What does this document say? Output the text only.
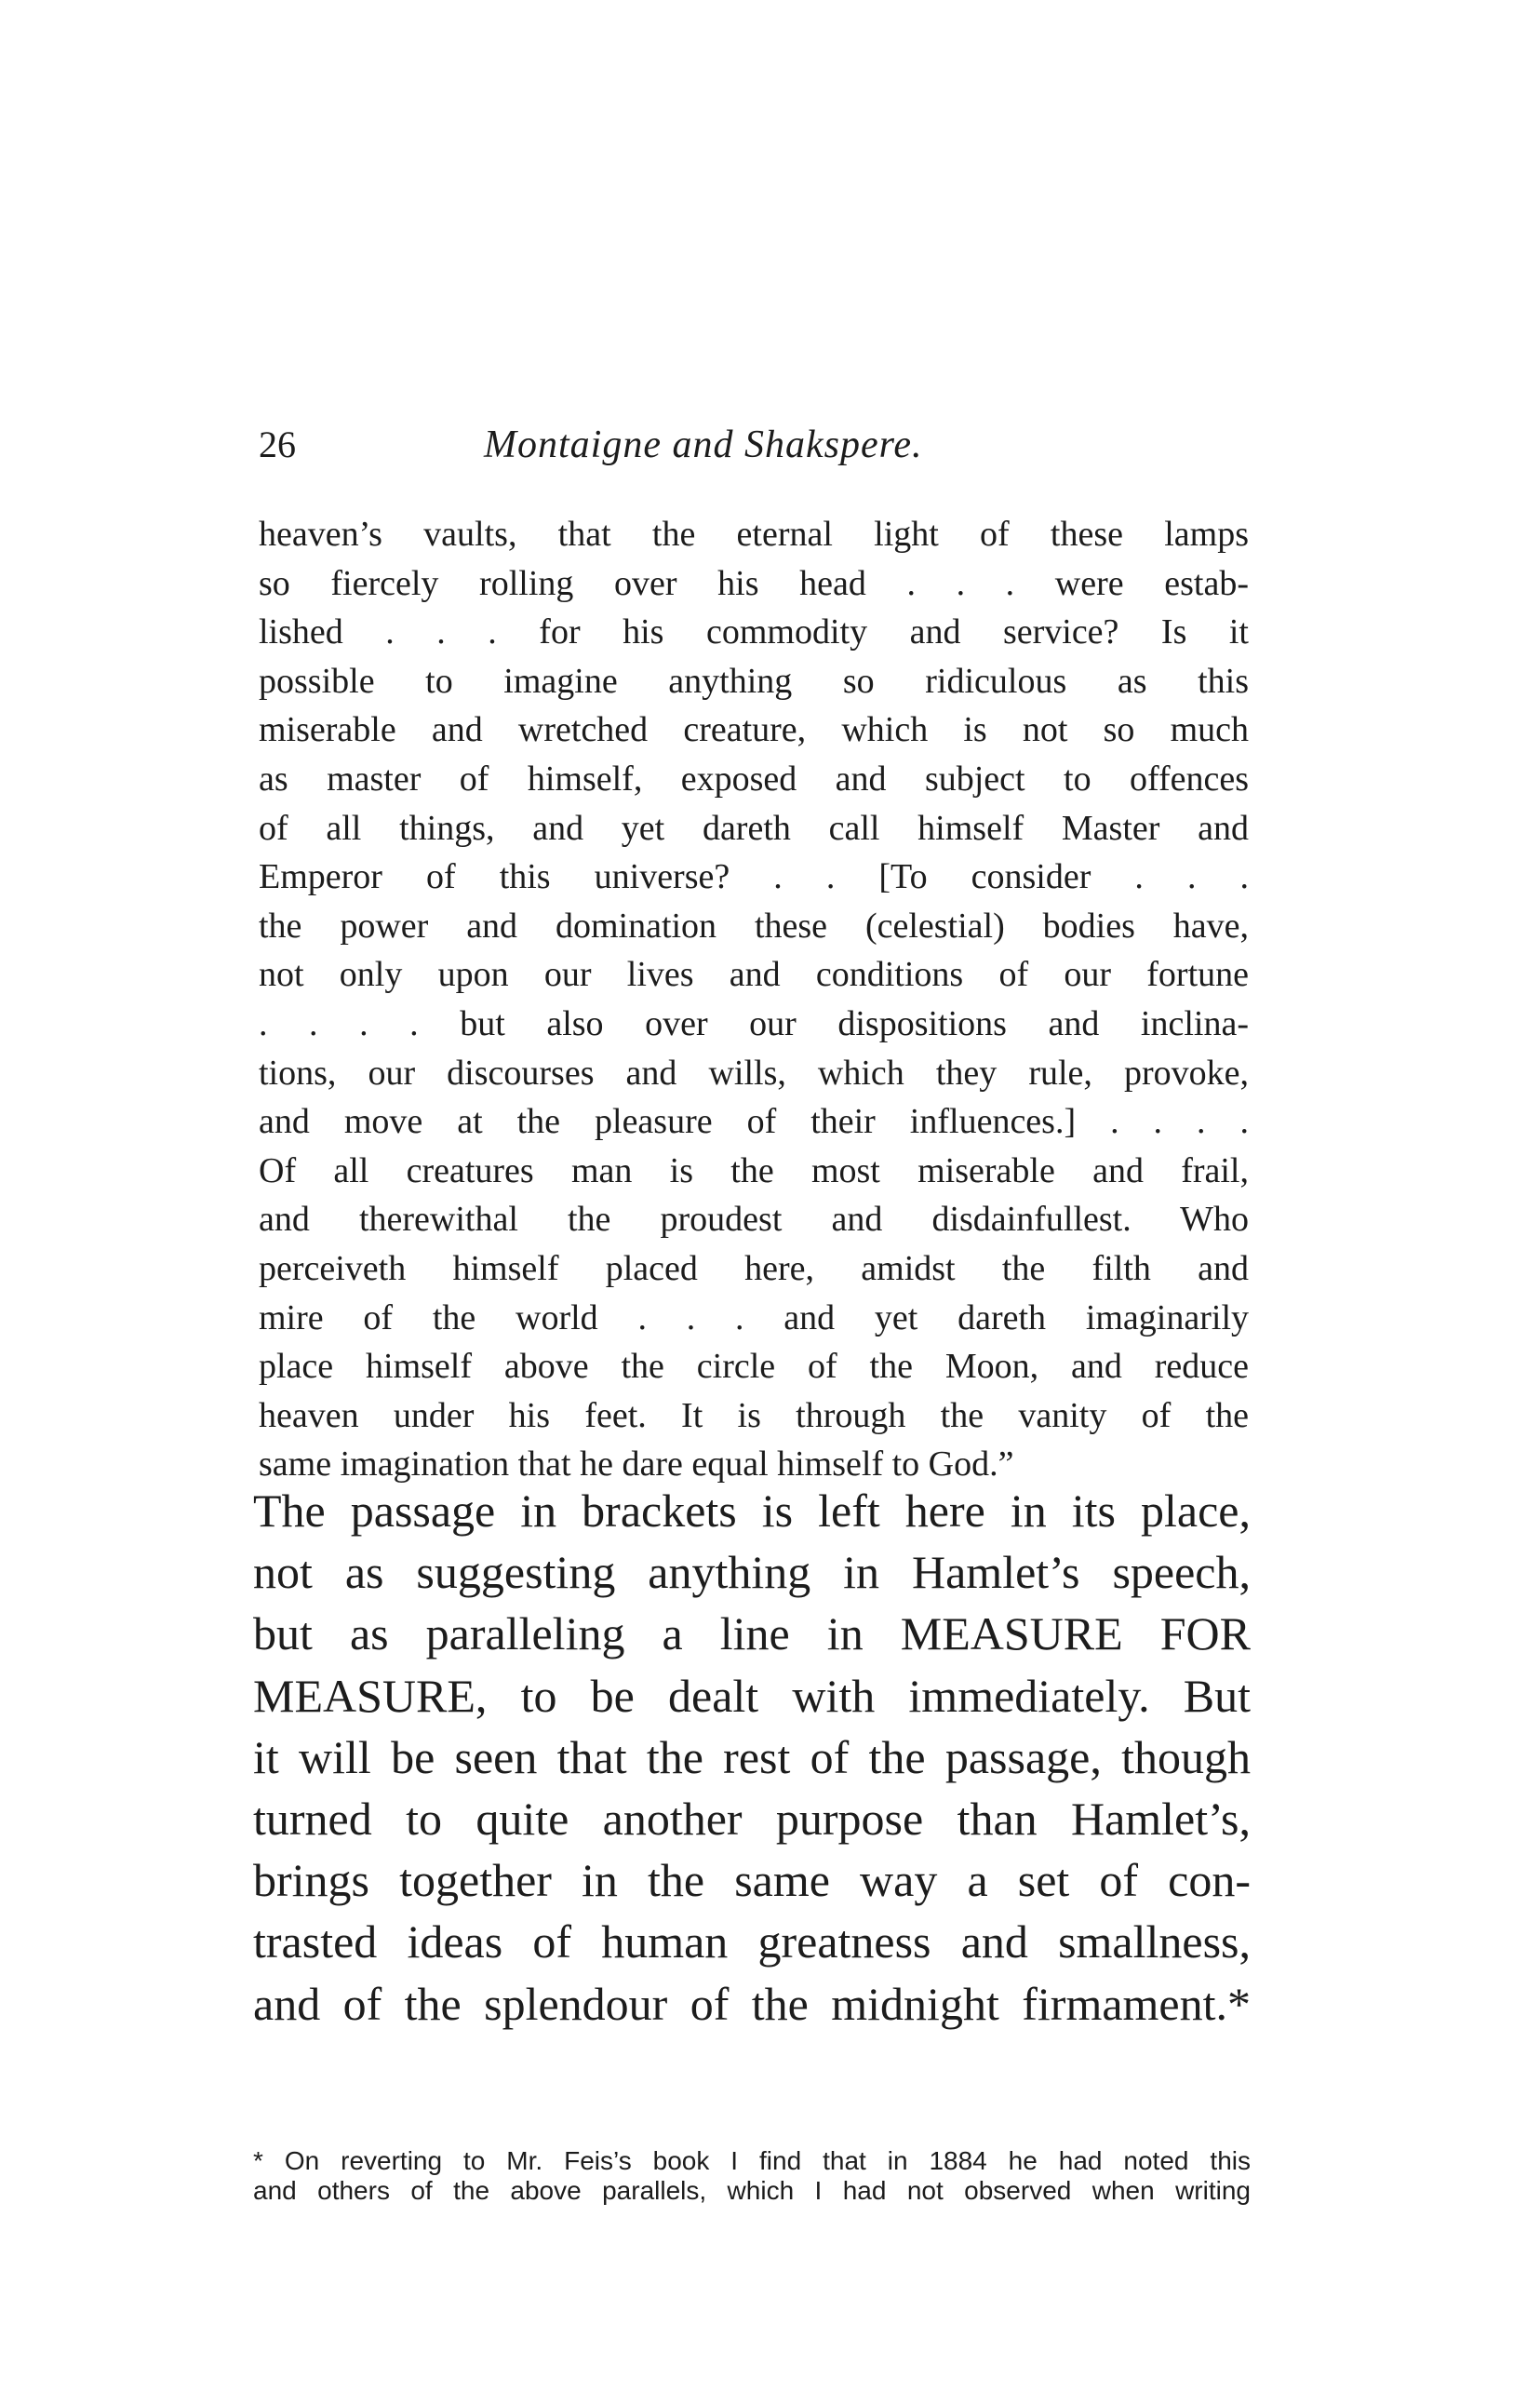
26	Montaigne and Shakspere.
heaven’s vaults, that the eternal light of these lamps
so fiercely rolling over his head . . . were estab-
lished . . . for his commodity and service? Is it
possible to imagine anything so ridiculous as this
miserable and wretched creature, which is not so much
as master of himself, exposed and subject to offences
of all things, and yet dareth call himself Master and
Emperor of this universe? . . [To consider . . .
the power and domination these (celestial) bodies have,
not only upon our lives and conditions of our fortune
. . . . but also over our dispositions and inclina-
tions, our discourses and wills, which they rule, provoke,
and move at the pleasure of their influences.] . . . .
Of all creatures man is the most miserable and frail,
and therewithal the proudest and disdainfullest. Who
perceiveth himself placed here, amidst the filth and
mire of the world . . . and yet dareth imaginarily
place himself above the circle of the Moon, and reduce
heaven under his feet. It is through the vanity of the
same imagination that he dare equal himself to God.”
The passage in brackets is left here in its place,
not as suggesting anything in Hamlet’s speech,
but as paralleling a line in MEASURE FOR
MEASURE, to be dealt with immediately. But
it will be seen that the rest of the passage, though
turned to quite another purpose than Hamlet’s,
brings together in the same way a set of con-
trasted ideas of human greatness and smallness,
and of the splendour of the midnight firmament.*
* On reverting to Mr. Feis’s book I find that in 1884 he had noted this
and others of the above parallels, which I had not observed when writing
